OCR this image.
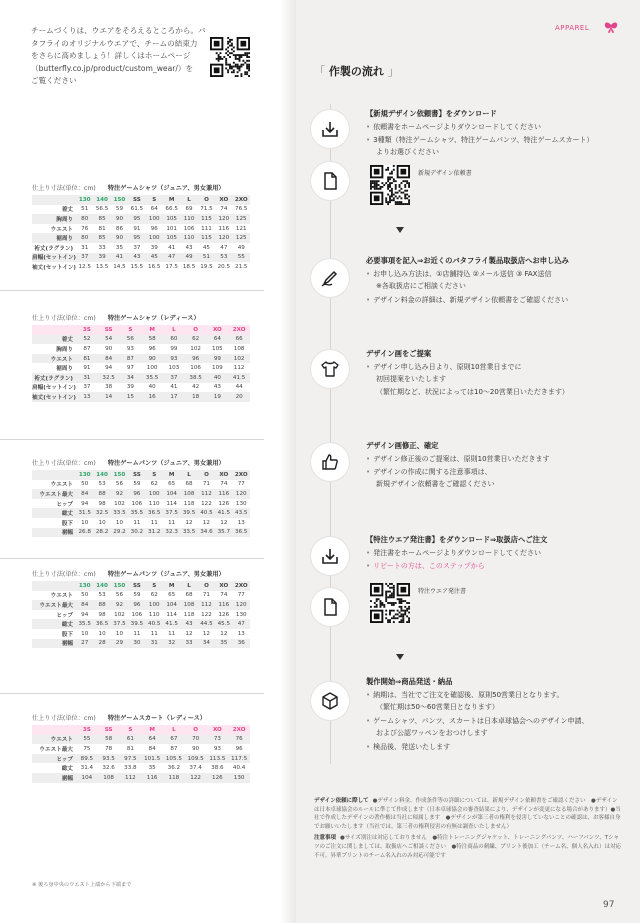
チームづくりは、ウエアをそろえるところから。バ
タフライのオリジナルウエアで、チームの結束力
をさらに高めましょう！詳しくはホームページ
（butterfly.co.jp/product/custom_wear/）を
ご覧ください
仕上り寸法(単位：cm) 特注ゲームシャツ（ジュニア、男女兼用）
	130	140	150	SS	S	M	L	O	XO	2XO
着丈	51	56.5	59	61.5	64	66.5	69	71.5	74	76.5
胸周り	80	85	90	95	100	105	110	115	120	125
ウエスト	76	81	86	91	96	101	106	111	116	121
裾周り	80	85	90	95	100	105	110	115	120	125
裄丈(ラグラン)	31	33	35	37	39	41	43	45	47	49
肩幅(セットイン)	37	39	41	43	45	47	49	51	53	55
袖丈(セットイン)	12.5	13.5	14.5	15.5	16.5	17.5	18.5	19.5	20.5	21.5
仕上り寸法(単位：cm) 特注ゲームシャツ（レディース）
	3S	SS	S	M	L	O	XO	2XO
着丈	52	54	56	58	60	62	64	66
胸周り	87	90	93	96	99	102	105	108
ウエスト	81	84	87	90	93	96	99	102
裾周り	91	94	97	100	103	106	109	112
裄丈(ラグラン)	31	32.5	34	35.5	37	38.5	40	41.5
肩幅(セットイン)	37	38	39	40	41	42	43	44
袖丈(セットイン)	13	14	15	16	17	18	19	20
仕上り寸法(単位：cm) 特注ゲームパンツ（ジュニア、男女兼用）
	130	140	150	SS	S	M	L	O	XO	2XO
ウエスト	50	53	56	59	62	65	68	71	74	77
ウエスト最大	84	88	92	96	100	104	108	112	116	120
ヒップ	94	98	102	106	110	114	118	122	126	130
総丈	31.5	32.5	33.5	35.5	36.5	37.5	39.5	40.5	41.5	43.5
股下	10	10	10	11	11	11	12	12	12	13
裾幅	26.8	28.2	29.2	30.2	31.2	32.3	33.5	34.6	35.7	36.5
仕上り寸法(単位：cm) 特注ゲームパンツ（ジュニア、男女兼用）
	130	140	150	SS	S	M	L	O	XO	2XO
ウエスト	50	53	56	59	62	65	68	71	74	77
ウエスト最大	84	88	92	96	100	104	108	112	116	120
ヒップ	94	98	102	106	110	114	118	122	126	130
総丈	35.5	36.5	37.5	39.5	40.5	41.5	43	44.5	45.5	47
股下	10	10	10	11	11	11	12	12	12	13
裾幅	27	28	29	30	31	32	33	34	35	36
仕上り寸法(単位：cm) 特注ゲームスカート（レディース）
	3S	SS	S	M	L	O	XO	2XO
ウエスト	55	58	61	64	67	70	73	76
ウエスト最大	75	78	81	84	87	90	93	96
ヒップ	89.5	93.5	97.5	101.5	105.5	109.5	113.5	117.5
総丈	31.4	32.6	33.8	35	36.2	37.4	38.6	40.4
裾幅	104	108	112	116	118	122	126	130
※ 後ろ身中央のウエスト上端から下端まで
APPAREL
「 作製の流れ 」
【新規デザイン依頼書】をダウンロード
• 依頼書をホームページよりダウンロードしてください
• 3種類（特注ゲームシャツ、特注ゲームパンツ、特注ゲームスカート）
よりお選びください
新規デザイン依頼書
必要事項を記入⇒お近くのバタフライ製品取扱店へお申し込み
• お申し込み方法は、①店舗持込 ②メール送信 ③ FAX送信
※各取扱店にご相談ください
• デザイン料金の詳細は、新規デザイン依頼書をご確認ください
デザイン画をご提案
• デザイン申し込み日より、原則10営業日までに
初回提案をいたします
（繁忙期など、状況によっては10～20営業日いただきます）
デザイン画修正、確定
• デザイン修正後のご提案は、原則10営業日いただきます
• デザインの作成に関する注意事項は、
新規デザイン依頼書をご確認ください
【特注ウエア発注書】をダウンロード⇒取扱店へご注文
• 発注書をホームページよりダウンロードしてください
• リピートの方は、このステップから
特注ウエア発注書
製作開始⇒商品発送・納品
• 納期は、当社でご注文を確認後、原則50営業日となります。
（繁忙期は50～60営業日となります）
• ゲームシャツ、パンツ、スカートは日本卓球協会へのデザイン申請、
および公認ワッペンをおつけします
• 検品後、発送いたします
デザイン依頼に際して ●デザイン料金、作成条件等の詳細については、新規デザイン依頼書をご確認ください　●デザインは日本卓球協会のルールに準じて作成します（日本卓球協会の審査結果により、デザインが変更になる場合があります）●当社で作成したデザインの著作権は当社に帰属します　●デザインが第三者の権利を侵害していないことの確認は、お客様自身でお願いいたします（当社では、第三者の権利侵害の有無は調査いたしません）
注意事項 ●サイズ別注は対応しておりません　●特注トレーニングジャケット、トレーニングパンツ、ハーフパンツ、Tシャツのご注文に関しましては、取扱店へご相談ください　●特注商品の刺繍、プリント後加工（チーム名、個人名入れ）は対応不可。昇華プリントのチーム名入れのみ対応可能です
97
